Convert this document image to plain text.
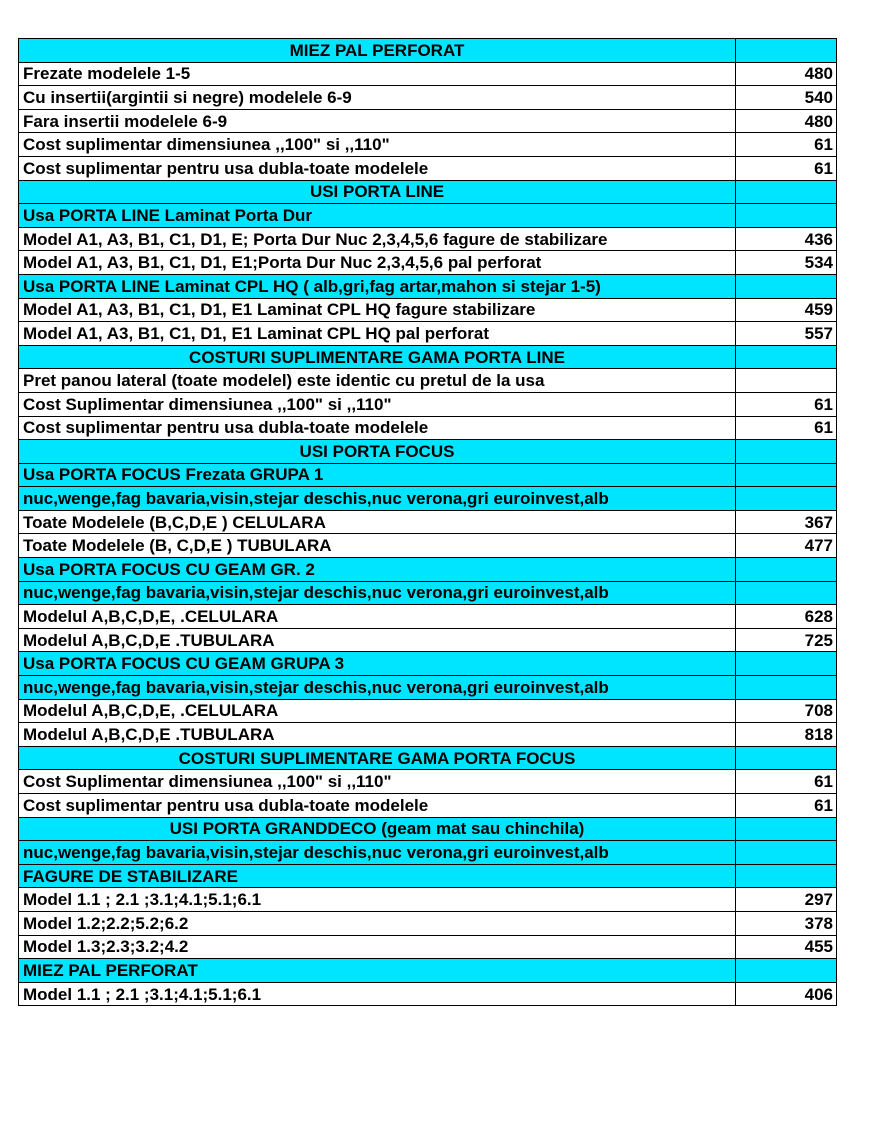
MIEZ PAL PERFORAT	
Frezate modelele 1-5	480
Cu insertii(argintii si negre) modelele 6-9	540
Fara insertii modelele 6-9	480
Cost suplimentar dimensiunea ,,100" si ,,110"	61
Cost suplimentar pentru usa dubla-toate modelele	61
USI PORTA LINE	
Usa PORTA LINE Laminat Porta Dur	
Model A1, A3, B1, C1, D1, E; Porta Dur Nuc 2,3,4,5,6 fagure de stabilizare	436
Model A1, A3, B1, C1, D1, E1;Porta Dur Nuc 2,3,4,5,6 pal perforat	534
Usa PORTA LINE Laminat CPL HQ ( alb,gri,fag artar,mahon si stejar 1-5)	
Model A1, A3, B1, C1, D1, E1 Laminat CPL HQ fagure stabilizare	459
Model A1, A3, B1, C1, D1, E1 Laminat CPL HQ pal perforat	557
COSTURI SUPLIMENTARE GAMA PORTA LINE	
Pret panou lateral (toate modelel) este identic cu pretul de la usa	
Cost Suplimentar dimensiunea ,,100" si ,,110"	61
Cost suplimentar pentru usa dubla-toate modelele	61
USI PORTA FOCUS	
Usa PORTA FOCUS Frezata GRUPA 1	
nuc,wenge,fag bavaria,visin,stejar deschis,nuc verona,gri euroinvest,alb	
Toate Modelele (B,C,D,E ) CELULARA	367
Toate Modelele (B, C,D,E ) TUBULARA	477
Usa PORTA FOCUS CU GEAM GR. 2	
nuc,wenge,fag bavaria,visin,stejar deschis,nuc verona,gri euroinvest,alb	
Modelul A,B,C,D,E, .CELULARA	628
Modelul A,B,C,D,E .TUBULARA	725
Usa PORTA FOCUS CU GEAM GRUPA 3	
nuc,wenge,fag bavaria,visin,stejar deschis,nuc verona,gri euroinvest,alb	
Modelul A,B,C,D,E, .CELULARA	708
Modelul A,B,C,D,E .TUBULARA	818
COSTURI SUPLIMENTARE GAMA PORTA FOCUS	
Cost Suplimentar dimensiunea ,,100" si ,,110"	61
Cost suplimentar pentru usa dubla-toate modelele	61
USI PORTA GRANDDECO (geam mat sau chinchila)	
nuc,wenge,fag bavaria,visin,stejar deschis,nuc verona,gri euroinvest,alb	
FAGURE DE STABILIZARE	
Model 1.1 ; 2.1 ;3.1;4.1;5.1;6.1	297
Model 1.2;2.2;5.2;6.2	378
Model 1.3;2.3;3.2;4.2	455
MIEZ PAL PERFORAT	
Model 1.1 ; 2.1 ;3.1;4.1;5.1;6.1	406
